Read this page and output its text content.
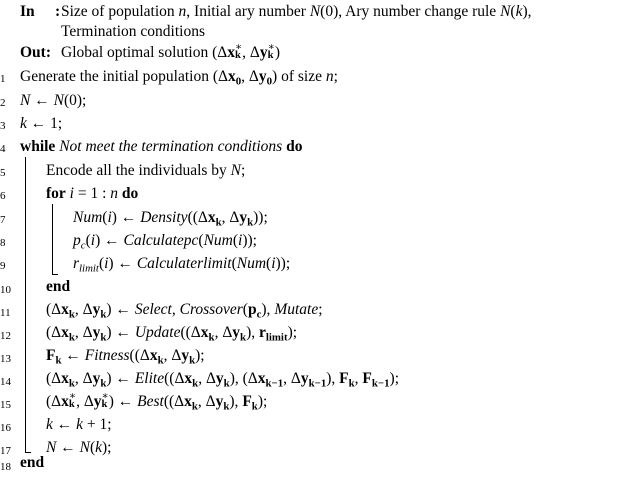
In : Size of population n, Initial ary number N(0), Ary number change rule N(k),
Termination conditions
Out: Global optimal solution (Δx ∗
k , Δy ∗
k )
1 Generate the initial population ($\Delta x_0$, $\Delta y_0$) of size n;
2 N ← N(0);
3 k ← 1;
4 while Not meet the termination conditions do
5	Encode all the individuals by N;
6	for i = 1 : n do
7	Num(i) ← $Density((\Delta x_k$, $\Delta y_k$));
8	$p_c(i)$ ← Calculatepc(Num(i));
9	$r_{limit}(i)$ ← Calculaterlimit(Num(i));
10 end
11 ($\Delta x_k$, $\Delta y_k$) ← Select, $Crossover(p_c)$, Mutate;
12 ($\Delta x_k$, $\Delta y_k$) ← $Update((\Delta x_k$, $\Delta y_k$), $r_{limit}$);
13 $F_k$ ← $Fitness((\Delta x_k$, $\Delta y_k$);
14 ($\Delta x_k$, $\Delta y_k$) ← $Elite((\Delta x_k$, $\Delta y_k$), ($\Delta x_{k-1}$, $\Delta y_{k-1}$), $F_k$, $F_{k-1}$);
15 (Δx ∗
k , Δy ∗
k ) ← $Best((\Delta x_k$, $\Delta y_k$), $F_k$);
16 k ← k + 1;
17 N ← N(k);
18 end
